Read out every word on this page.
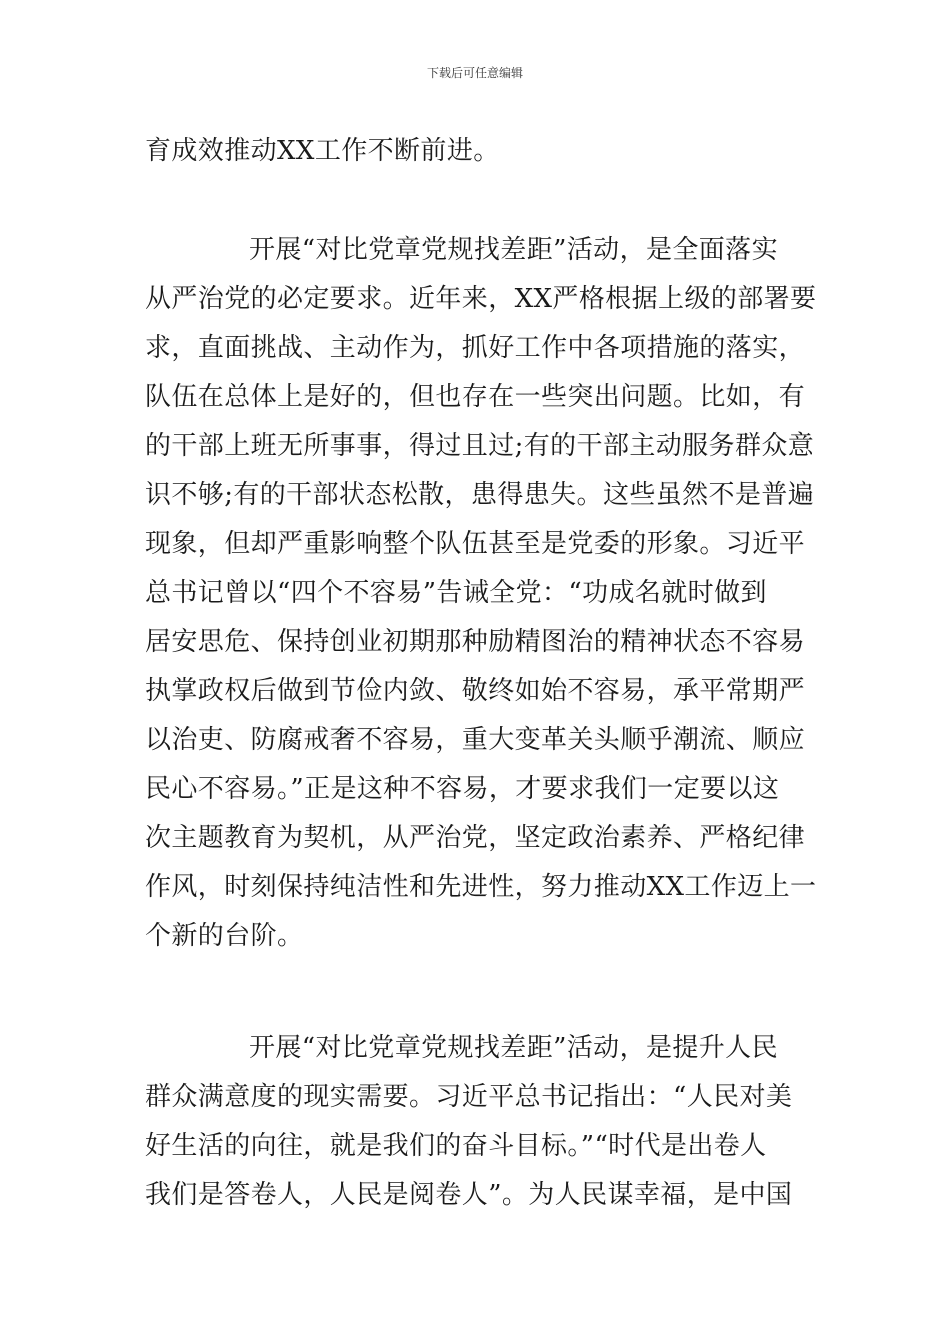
下载后可任意编辑
育成效推动XX工作不断前进。
开展“对比党章党规找差距”活动，是全面落实
从严治党的必定要求。近年来，XX严格根据上级的部署要
求，直面挑战、主动作为，抓好工作中各项措施的落实，
队伍在总体上是好的，但也存在一些突出问题。比如，有
的干部上班无所事事，得过且过;有的干部主动服务群众意
识不够;有的干部状态松散，患得患失。这些虽然不是普遍
现象，但却严重影响整个队伍甚至是党委的形象。习近平
总书记曾以“四个不容易”告诫全党：“功成名就时做到
居安思危、保持创业初期那种励精图治的精神状态不容易
执掌政权后做到节俭内敛、敬终如始不容易，承平常期严
以治吏、防腐戒奢不容易，重大变革关头顺乎潮流、顺应
民心不容易。”正是这种不容易，才要求我们一定要以这
次主题教育为契机，从严治党，坚定政治素养、严格纪律
作风，时刻保持纯洁性和先进性，努力推动XX工作迈上一
个新的台阶。
开展“对比党章党规找差距”活动，是提升人民
群众满意度的现实需要。习近平总书记指出：“人民对美
好生活的向往，就是我们的奋斗目标。”“时代是出卷人
我们是答卷人，人民是阅卷人”。为人民谋幸福，是中国
